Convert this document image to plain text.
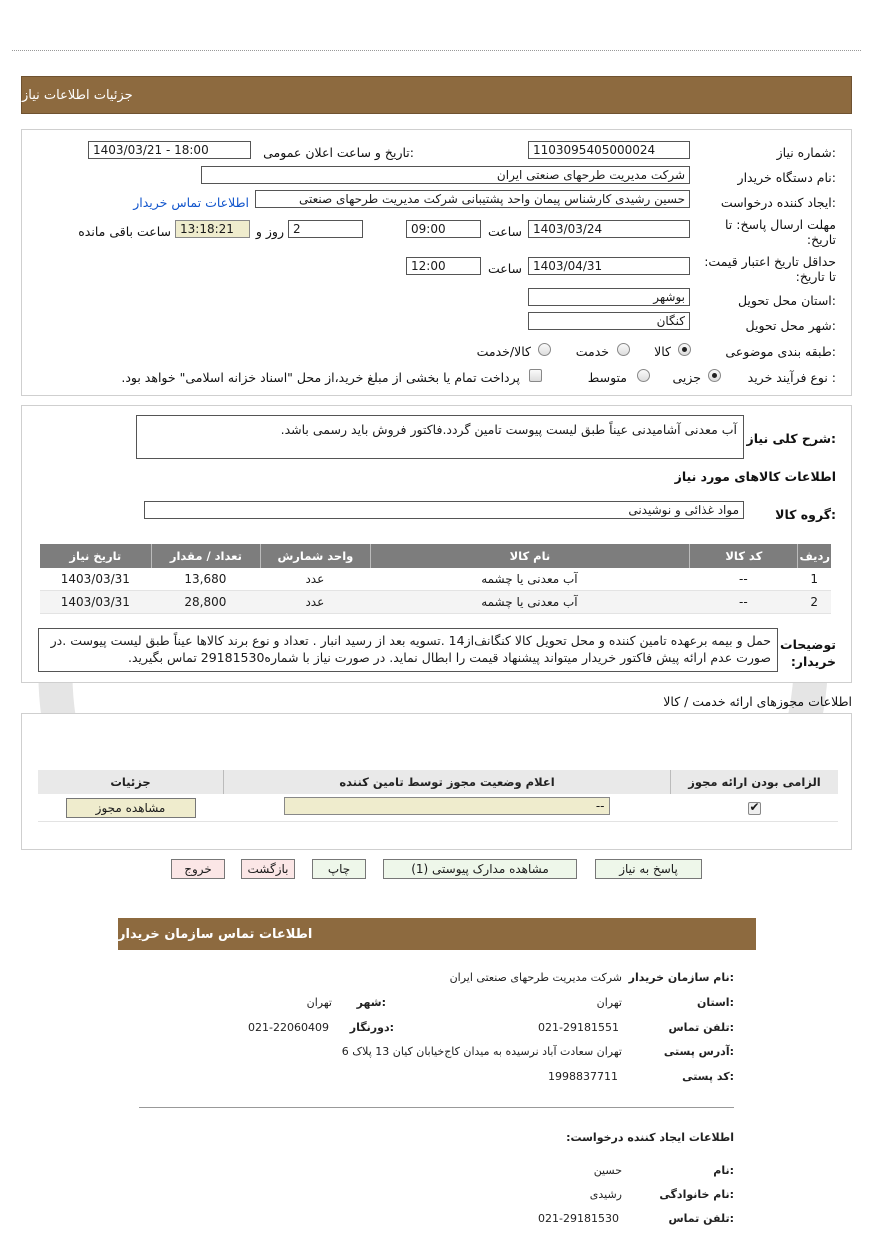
جزئیات اطلاعات نیاز
شماره نیاز:
1103095405000024
تاریخ و ساعت اعلان عمومی:
1403/03/21 - 18:00
نام دستگاه خریدار:
شرکت مدیریت طرحهای صنعتی ایران
ایجاد کننده درخواست:
حسین رشیدی کارشناس پیمان واحد پشتیبانی شرکت مدیریت طرحهای صنعتی
اطلاعات تماس خریدار
مهلت ارسال پاسخ: تا تاریخ:
1403/03/24
ساعت
09:00
2
روز و
13:18:21
ساعت باقی مانده
حداقل تاریخ اعتبار قیمت: تا تاریخ:
1403/04/31
ساعت
12:00
استان محل تحویل:
بوشهر
شهر محل تحویل:
کنگان
طبقه بندی موضوعی:
کالا
خدمت
کالا/خدمت
نوع فرآیند خرید :
جزیی
متوسط
پرداخت تمام یا بخشی از مبلغ خرید،از محل "اسناد خزانه اسلامی" خواهد بود.
شرح کلی نیاز:
آب معدنی آشامیدنی عیناً طبق لیست پیوست تامین گردد.فاکتور فروش باید رسمی باشد.
اطلاعات کالاهای مورد نیاز
گروه کالا:
مواد غذائی و نوشیدنی
ردیف	کد کالا	نام کالا	واحد شمارش	تعداد / مقدار	تاریخ نیاز
1	--	آب معدنی یا چشمه	عدد	13,680	1403/03/31
2	--	آب معدنی یا چشمه	عدد	28,800	1403/03/31
توضیحات خریدار:
حمل و بیمه برعهده تامین کننده و محل تحویل کالا کنگانف‌از14 .تسویه بعد از رسید انبار . تعداد و نوع برند کالاها عیناً طبق لیست پیوست .در صورت عدم ارائه پیش فاکتور خریدار میتواند پیشنهاد قیمت را ابطال نماید. در صورت نیاز با شماره29181530 تماس بگیرید.
اطلاعات مجوزهای ارائه خدمت / کالا
الزامی بودن ارائه مجوز	اعلام وضعیت مجوز توسط تامین کننده	جزئیات

✔	--	مشاهده مجوز
پاسخ به نیاز
مشاهده مدارک پیوستی (1)
چاپ
بازگشت
خروج
اطلاعات تماس سازمان خریدار
نام سازمان خریدار:
شرکت مدیریت طرحهای صنعتی ایران
استان:
تهران
شهر:
تهران
تلفن تماس:
021-29181551
دورنگار:
021-22060409
آدرس پستی:
تهران سعادت آباد نرسیده به میدان کاج‌خیابان کیان 13 پلاک 6
کد پستی:
1998837711
اطلاعات ایجاد کننده درخواست:
نام:
حسین
نام خانوادگی:
رشیدی
تلفن تماس:
021-29181530
